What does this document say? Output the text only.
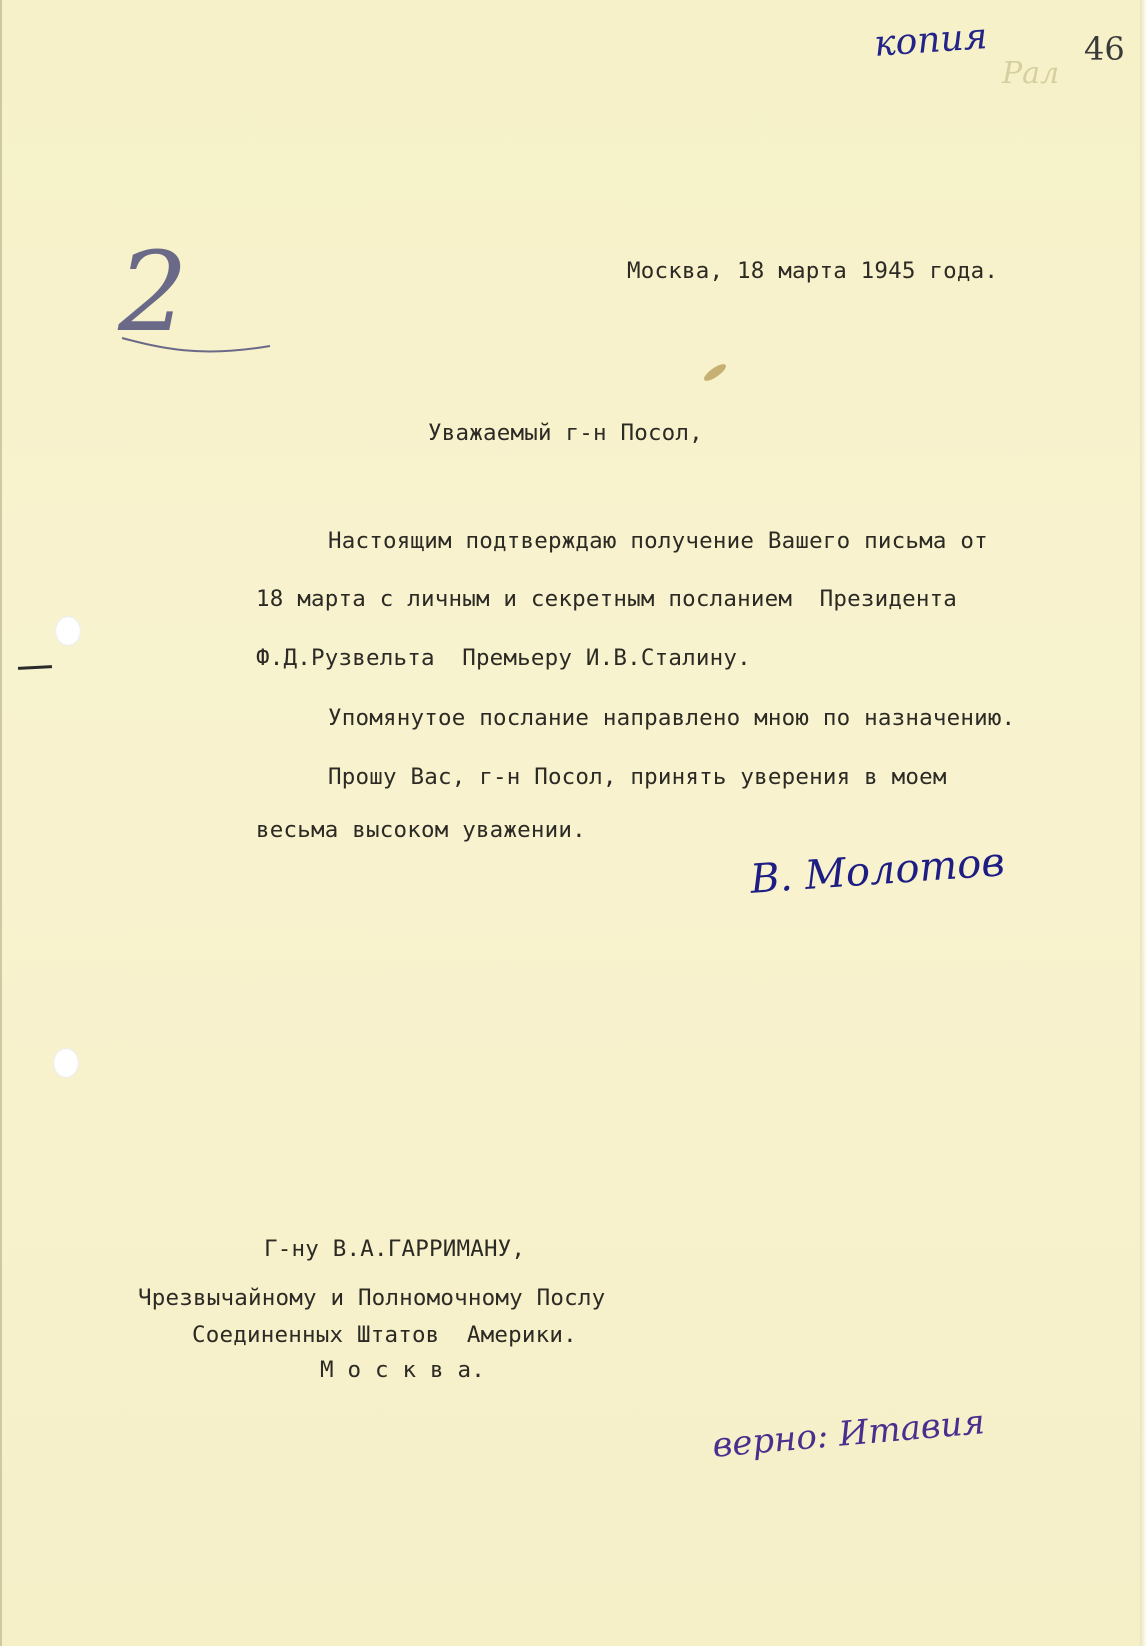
копия
Рал
46
2	Москва, 18 марта 1945 года.
Уважаемый г-н Посол,
Настоящим подтверждаю получение Вашего письма от
18 марта с личным и секретным посланием  Президента
Ф.Д.Рузвельта  Премьеру И.В.Сталину.
Упомянутое послание направлено мною по назначению.
Прошу Вас, г-н Посол, принять уверения в моем
весьма высоком уважении.
В. Молотов
Г-ну В.А.ГАРРИМАНУ,
Чрезвычайному и Полномочному Послу
Соединенных Штатов  Америки.
М о с к в а.
верно: Итавия
